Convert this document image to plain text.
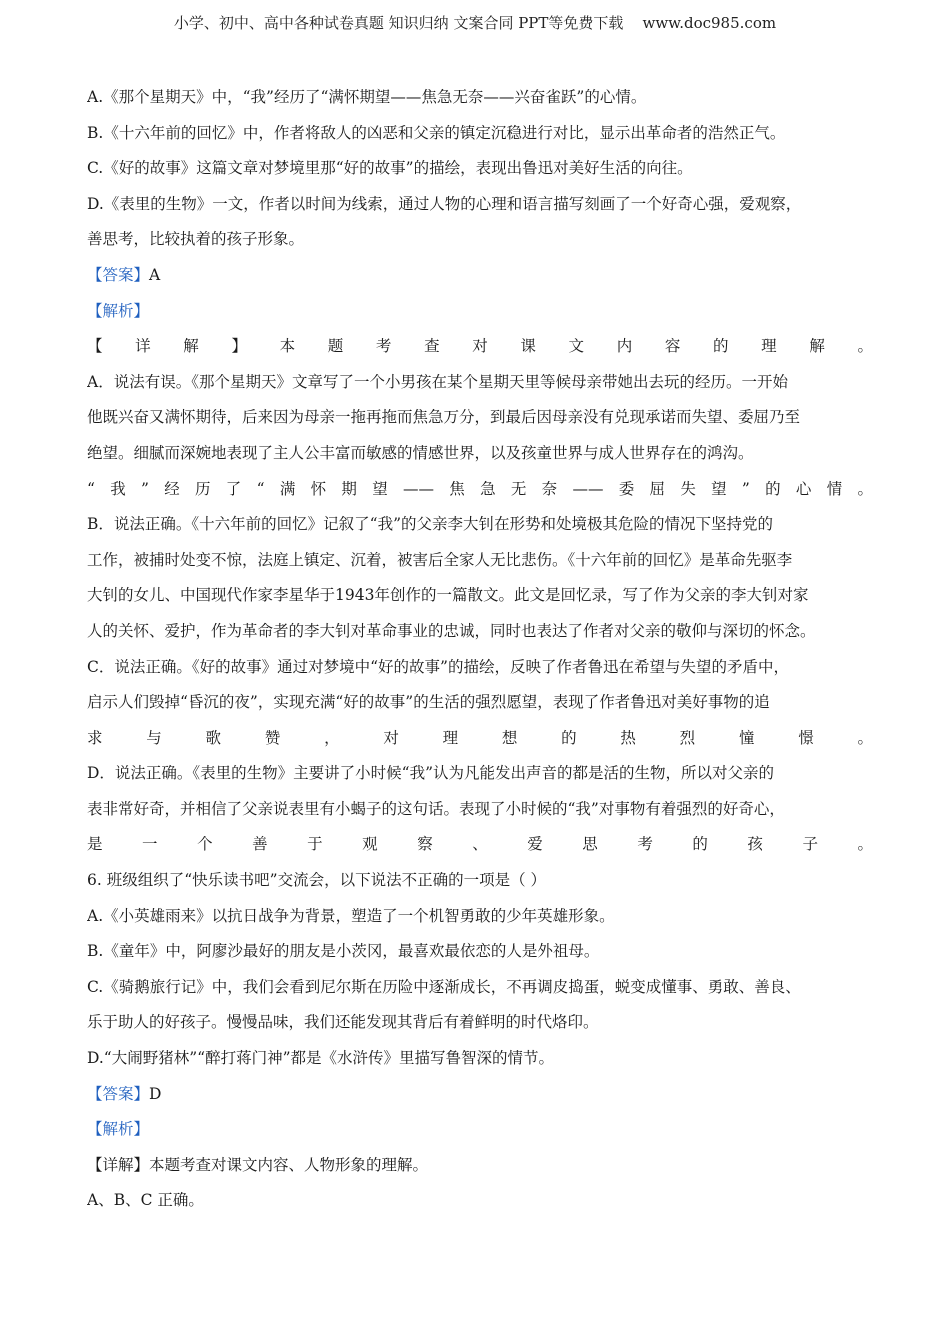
小学、初中、高中各种试卷真题 知识归纳 文案合同 PPT等免费下载    www.doc985.com
A.《那个星期天》中，“我”经历了“满怀期望——焦急无奈——兴奋雀跃”的心情。
B.《十六年前的回忆》中，作者将敌人的凶恶和父亲的镇定沉稳进行对比，显示出革命者的浩然正气。
C.《好的故事》这篇文章对梦境里那“好的故事”的描绘，表现出鲁迅对美好生活的向往。
D.《表里的生物》一文，作者以时间为线索，通过人物的心理和语言描写刻画了一个好奇心强，爱观察，
善思考，比较执着的孩子形象。
【答案】A
【解析】
【详解】本题考查对课文内容的理解。
A．说法有误。《那个星期天》文章写了一个小男孩在某个星期天里等候母亲带她出去玩的经历。一开始
他既兴奋又满怀期待，后来因为母亲一拖再拖而焦急万分，到最后因母亲没有兑现承诺而失望、委屈乃至
绝望。细腻而深婉地表现了主人公丰富而敏感的情感世界，以及孩童世界与成人世界存在的鸿沟。
“我”经历了“满怀期望——焦急无奈——委屈失望”的心情。
B．说法正确。《十六年前的回忆》记叙了“我”的父亲李大钊在形势和处境极其危险的情况下坚持党的
工作，被捕时处变不惊，法庭上镇定、沉着，被害后全家人无比悲伤。《十六年前的回忆》是革命先驱李
大钊的女儿、中国现代作家李星华于1943年创作的一篇散文。此文是回忆录，写了作为父亲的李大钊对家
人的关怀、爱护，作为革命者的李大钊对革命事业的忠诚，同时也表达了作者对父亲的敬仰与深切的怀念。
C．说法正确。《好的故事》通过对梦境中“好的故事”的描绘，反映了作者鲁迅在希望与失望的矛盾中，
启示人们毁掉“昏沉的夜”，实现充满“好的故事”的生活的强烈愿望，表现了作者鲁迅对美好事物的追
求与歌赞，对理想的热烈憧憬。
D．说法正确。《表里的生物》主要讲了小时候“我”认为凡能发出声音的都是活的生物，所以对父亲的
表非常好奇，并相信了父亲说表里有小蝎子的这句话。表现了小时候的“我”对事物有着强烈的好奇心，
是一个善于观察、爱思考的孩子。
6. 班级组织了“快乐读书吧”交流会，以下说法不正确的一项是（ ）
A.《小英雄雨来》以抗日战争为背景，塑造了一个机智勇敢的少年英雄形象。
B.《童年》中，阿廖沙最好的朋友是小茨冈，最喜欢最依恋的人是外祖母。
C.《骑鹅旅行记》中，我们会看到尼尔斯在历险中逐渐成长，不再调皮捣蛋，蜕变成懂事、勇敢、善良、
乐于助人的好孩子。慢慢品味，我们还能发现其背后有着鲜明的时代烙印。
D.“大闹野猪林”“醉打蒋门神”都是《水浒传》里描写鲁智深的情节。
【答案】D
【解析】
【详解】本题考查对课文内容、人物形象的理解。
A、B、C 正确。
